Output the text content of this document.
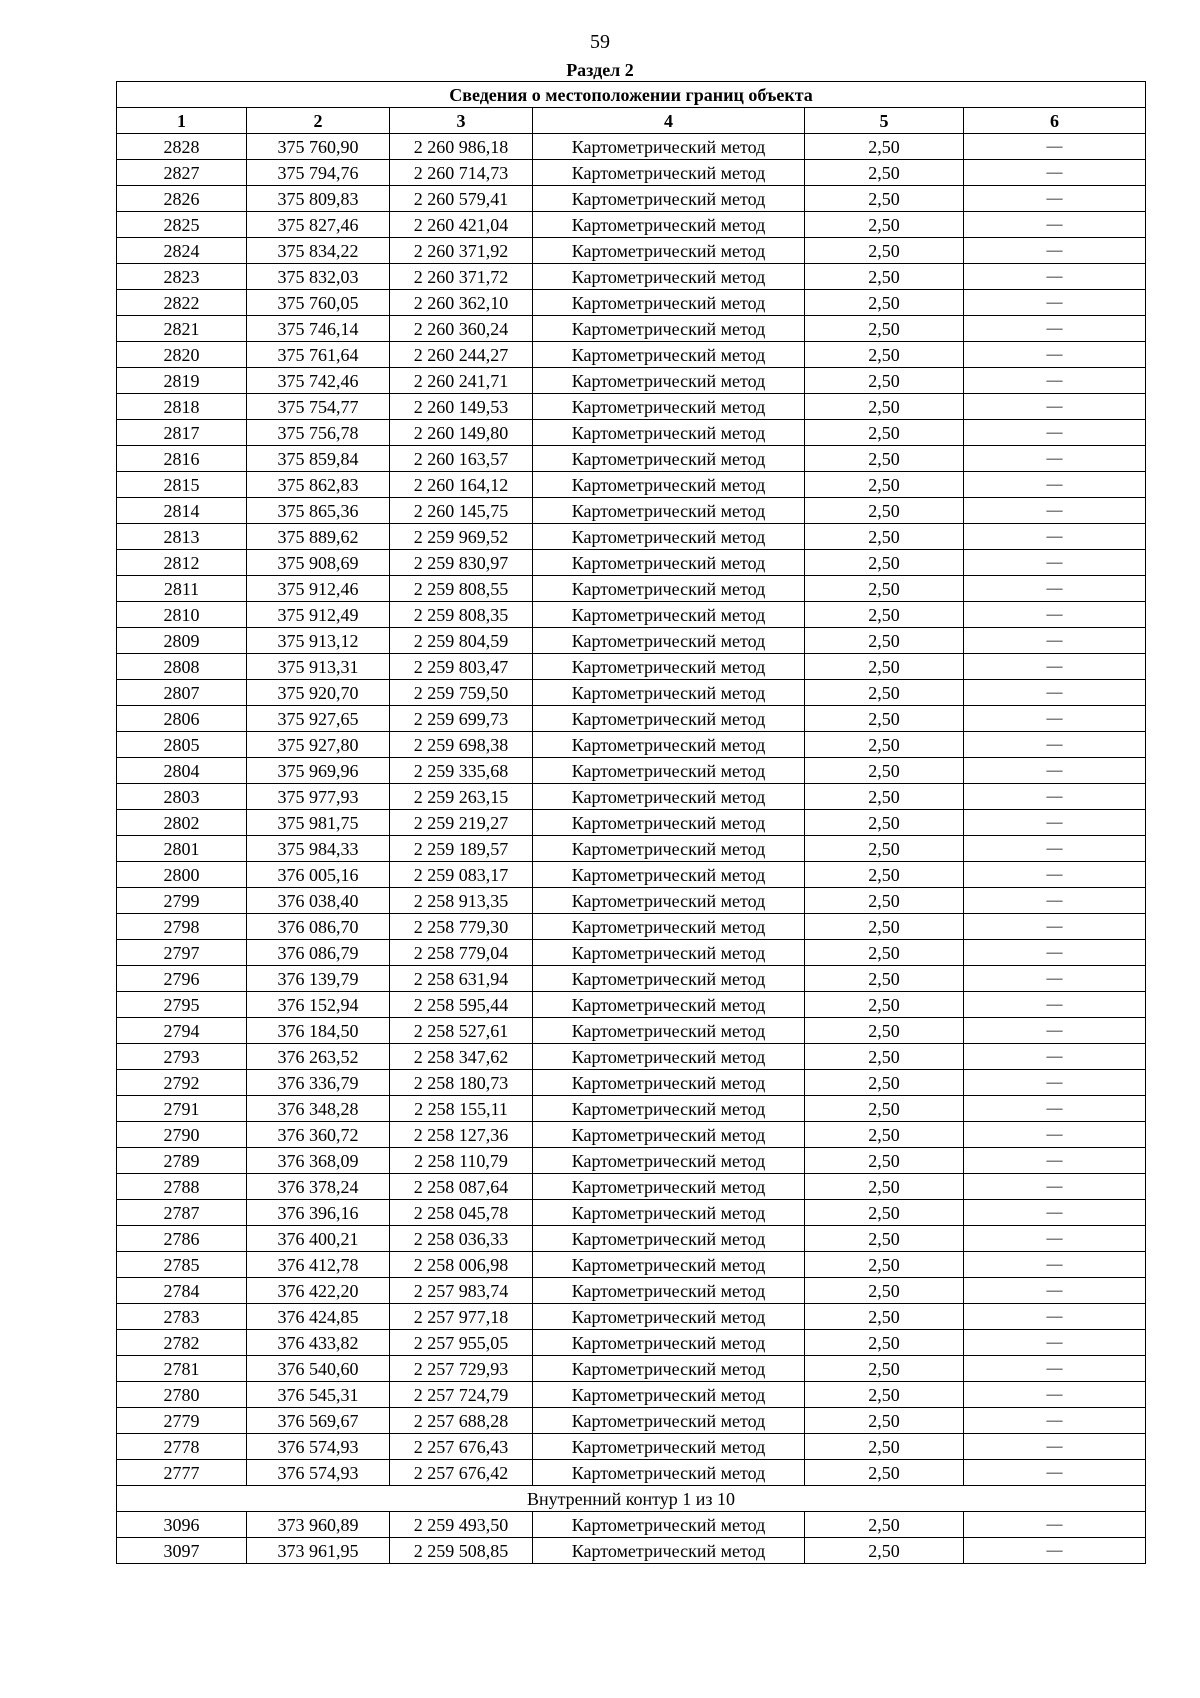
59
Раздел 2
Сведения о местоположении границ объекта					
1	2	3	4	5	6
2828	375 760,90	2 260 986,18	Картометрический метод	2,50	—
2827	375 794,76	2 260 714,73	Картометрический метод	2,50	—
2826	375 809,83	2 260 579,41	Картометрический метод	2,50	—
2825	375 827,46	2 260 421,04	Картометрический метод	2,50	—
2824	375 834,22	2 260 371,92	Картометрический метод	2,50	—
2823	375 832,03	2 260 371,72	Картометрический метод	2,50	—
2822	375 760,05	2 260 362,10	Картометрический метод	2,50	—
2821	375 746,14	2 260 360,24	Картометрический метод	2,50	—
2820	375 761,64	2 260 244,27	Картометрический метод	2,50	—
2819	375 742,46	2 260 241,71	Картометрический метод	2,50	—
2818	375 754,77	2 260 149,53	Картометрический метод	2,50	—
2817	375 756,78	2 260 149,80	Картометрический метод	2,50	—
2816	375 859,84	2 260 163,57	Картометрический метод	2,50	—
2815	375 862,83	2 260 164,12	Картометрический метод	2,50	—
2814	375 865,36	2 260 145,75	Картометрический метод	2,50	—
2813	375 889,62	2 259 969,52	Картометрический метод	2,50	—
2812	375 908,69	2 259 830,97	Картометрический метод	2,50	—
2811	375 912,46	2 259 808,55	Картометрический метод	2,50	—
2810	375 912,49	2 259 808,35	Картометрический метод	2,50	—
2809	375 913,12	2 259 804,59	Картометрический метод	2,50	—
2808	375 913,31	2 259 803,47	Картометрический метод	2,50	—
2807	375 920,70	2 259 759,50	Картометрический метод	2,50	—
2806	375 927,65	2 259 699,73	Картометрический метод	2,50	—
2805	375 927,80	2 259 698,38	Картометрический метод	2,50	—
2804	375 969,96	2 259 335,68	Картометрический метод	2,50	—
2803	375 977,93	2 259 263,15	Картометрический метод	2,50	—
2802	375 981,75	2 259 219,27	Картометрический метод	2,50	—
2801	375 984,33	2 259 189,57	Картометрический метод	2,50	—
2800	376 005,16	2 259 083,17	Картометрический метод	2,50	—
2799	376 038,40	2 258 913,35	Картометрический метод	2,50	—
2798	376 086,70	2 258 779,30	Картометрический метод	2,50	—
2797	376 086,79	2 258 779,04	Картометрический метод	2,50	—
2796	376 139,79	2 258 631,94	Картометрический метод	2,50	—
2795	376 152,94	2 258 595,44	Картометрический метод	2,50	—
2794	376 184,50	2 258 527,61	Картометрический метод	2,50	—
2793	376 263,52	2 258 347,62	Картометрический метод	2,50	—
2792	376 336,79	2 258 180,73	Картометрический метод	2,50	—
2791	376 348,28	2 258 155,11	Картометрический метод	2,50	—
2790	376 360,72	2 258 127,36	Картометрический метод	2,50	—
2789	376 368,09	2 258 110,79	Картометрический метод	2,50	—
2788	376 378,24	2 258 087,64	Картометрический метод	2,50	—
2787	376 396,16	2 258 045,78	Картометрический метод	2,50	—
2786	376 400,21	2 258 036,33	Картометрический метод	2,50	—
2785	376 412,78	2 258 006,98	Картометрический метод	2,50	—
2784	376 422,20	2 257 983,74	Картометрический метод	2,50	—
2783	376 424,85	2 257 977,18	Картометрический метод	2,50	—
2782	376 433,82	2 257 955,05	Картометрический метод	2,50	—
2781	376 540,60	2 257 729,93	Картометрический метод	2,50	—
2780	376 545,31	2 257 724,79	Картометрический метод	2,50	—
2779	376 569,67	2 257 688,28	Картометрический метод	2,50	—
2778	376 574,93	2 257 676,43	Картометрический метод	2,50	—
2777	376 574,93	2 257 676,42	Картометрический метод	2,50	—
Внутренний контур 1 из 10					
3096	373 960,89	2 259 493,50	Картометрический метод	2,50	—
3097	373 961,95	2 259 508,85	Картометрический метод	2,50	—
